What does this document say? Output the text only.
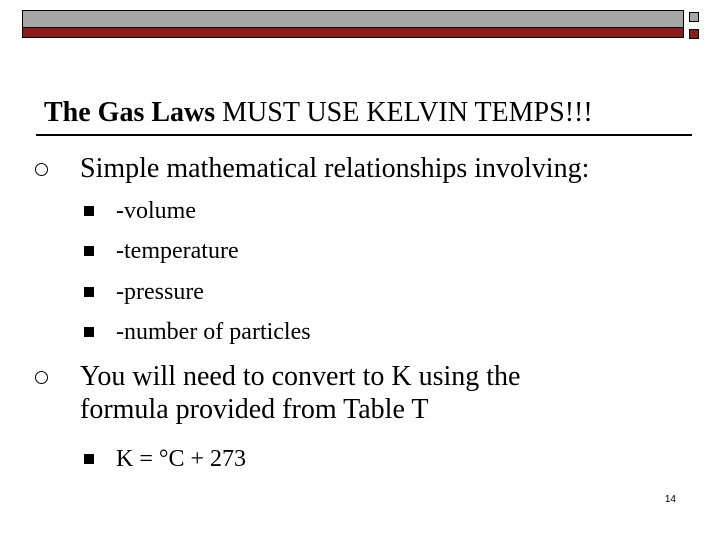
The Gas Laws MUST USE KELVIN TEMPS!!!
Simple mathematical relationships involving:
-volume
-temperature
-pressure
-number of particles
You will need to convert to K using the
formula provided from Table T
K = °C + 273
14
